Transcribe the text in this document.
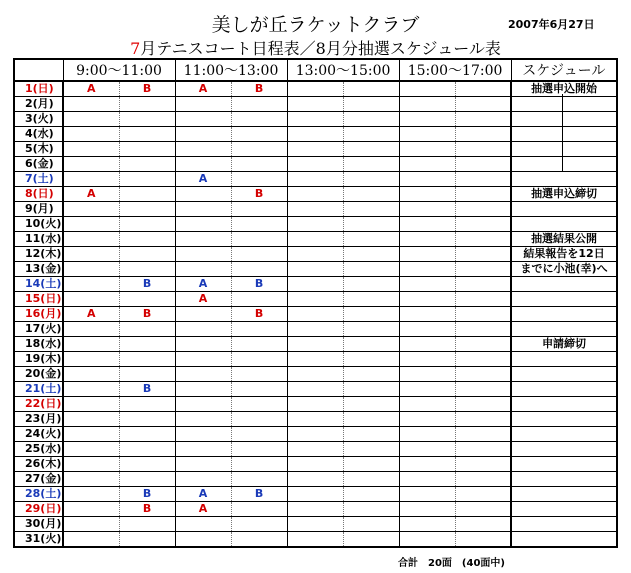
美しが丘ラケットクラブ	2007年6月27日
7月テニスコート日程表／8月分抽選スケジュール表
	9:00〜11:00		11:00〜13:00		13:00〜15:00		15:00〜17:00		スケジュール
1(日)	A	B	A	B					抽選申込開始
2(月)									
3(火)									
4(水)									
5(木)									
6(金)									
7(土)			A						
8(日)	A			B					抽選申込締切
9(月)									
10(火)									
11(水)									抽選結果公開
12(木)									結果報告を12日
13(金)									までに小池(幸)へ
14(土)		B	A	B					
15(日)			A						
16(月)	A	B		B					
17(火)									
18(水)									申請締切
19(木)									
20(金)									
21(土)		B							
22(日)									
23(月)									
24(火)									
25(水)									
26(木)									
27(金)									
28(土)		B	A	B					
29(日)		B	A						
30(月)									
31(火)									
合計　20面　(40面中)
